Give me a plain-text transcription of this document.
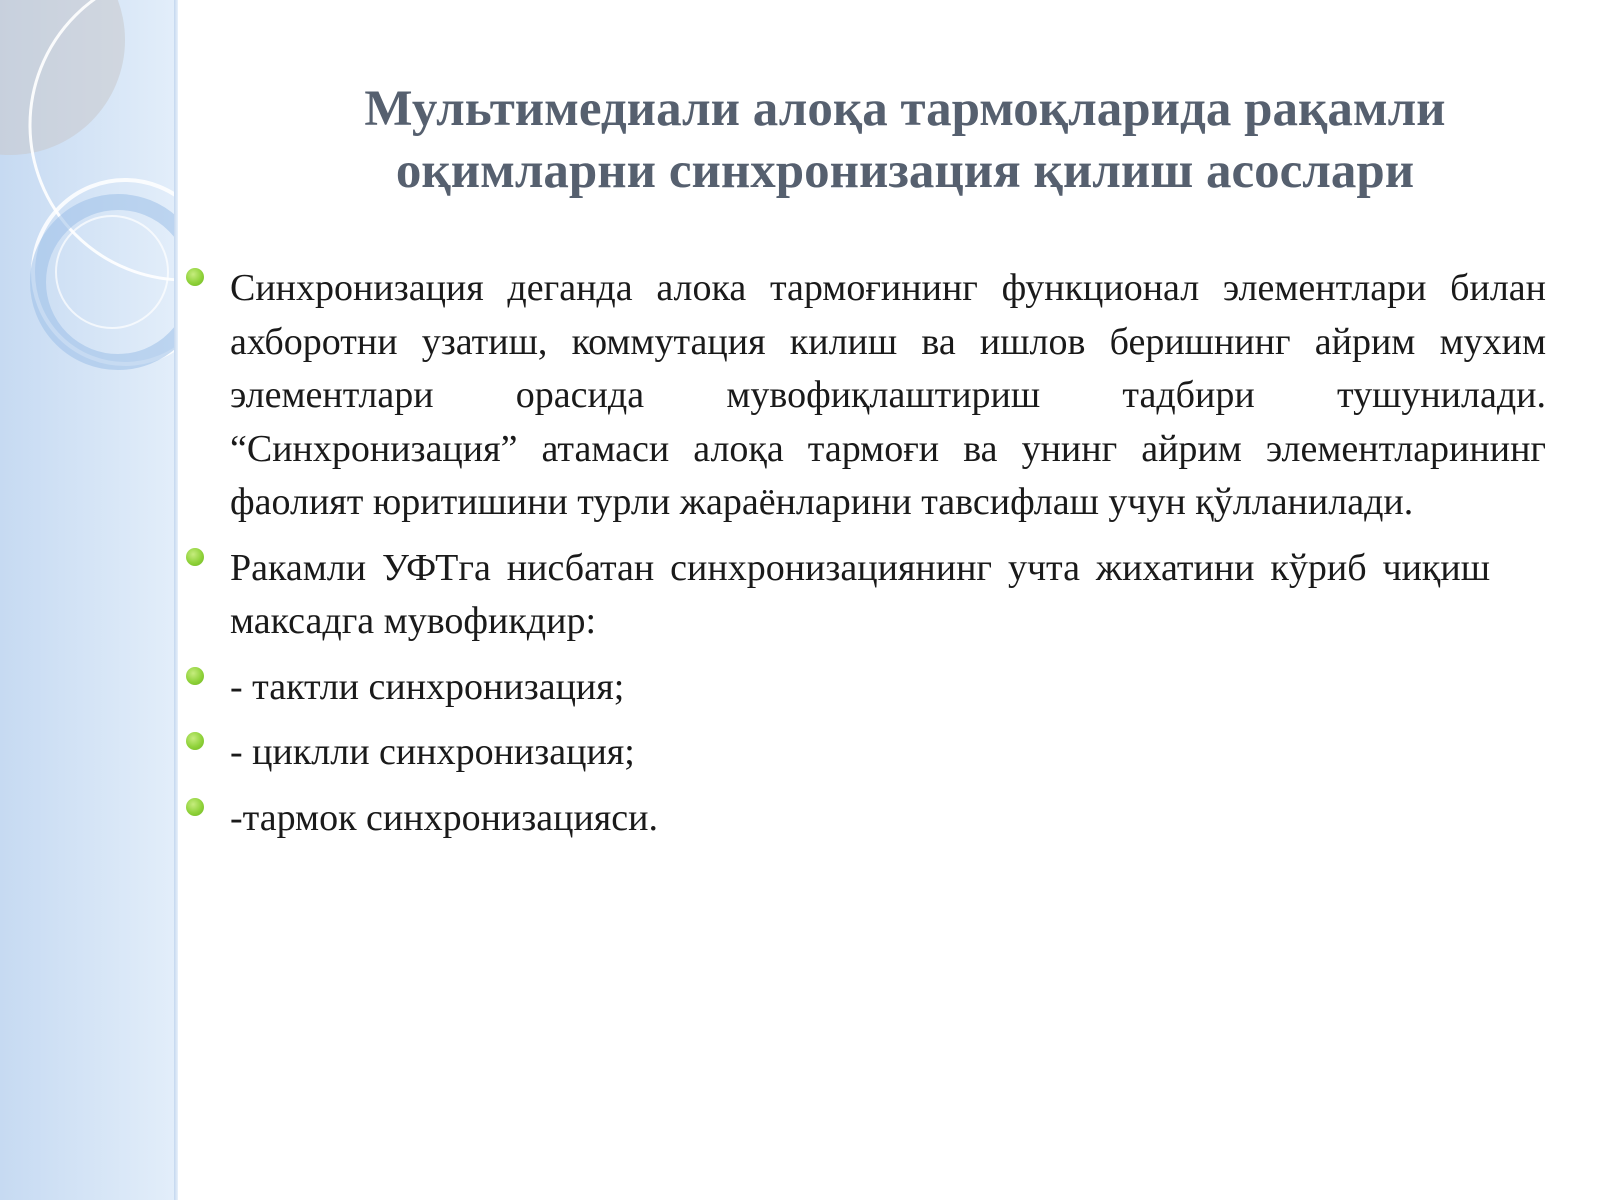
Мультимедиали алоқа тармоқларида рақамли
оқимларни синхронизация қилиш асослари
Синхронизация деганда алока тармоғининг функционал элементлари билан ахборотни узатиш, коммутация килиш ва ишлов беришнинг айрим мухим элементлари орасида мувофиқлаштириш тадбири тушунилади. “Синхронизация” атамаси алоқа тармоғи ва унинг айрим элементларининг фаолият юритишини турли жараёнларини тавсифлаш учун қўлланилади.
Ракамли УФТга нисбатан синхронизациянинг учта жихатини кўриб чиқиш максадга мувофикдир:
- тактли синхронизация;
- циклли синхронизация;
-тармок синхронизацияси.
